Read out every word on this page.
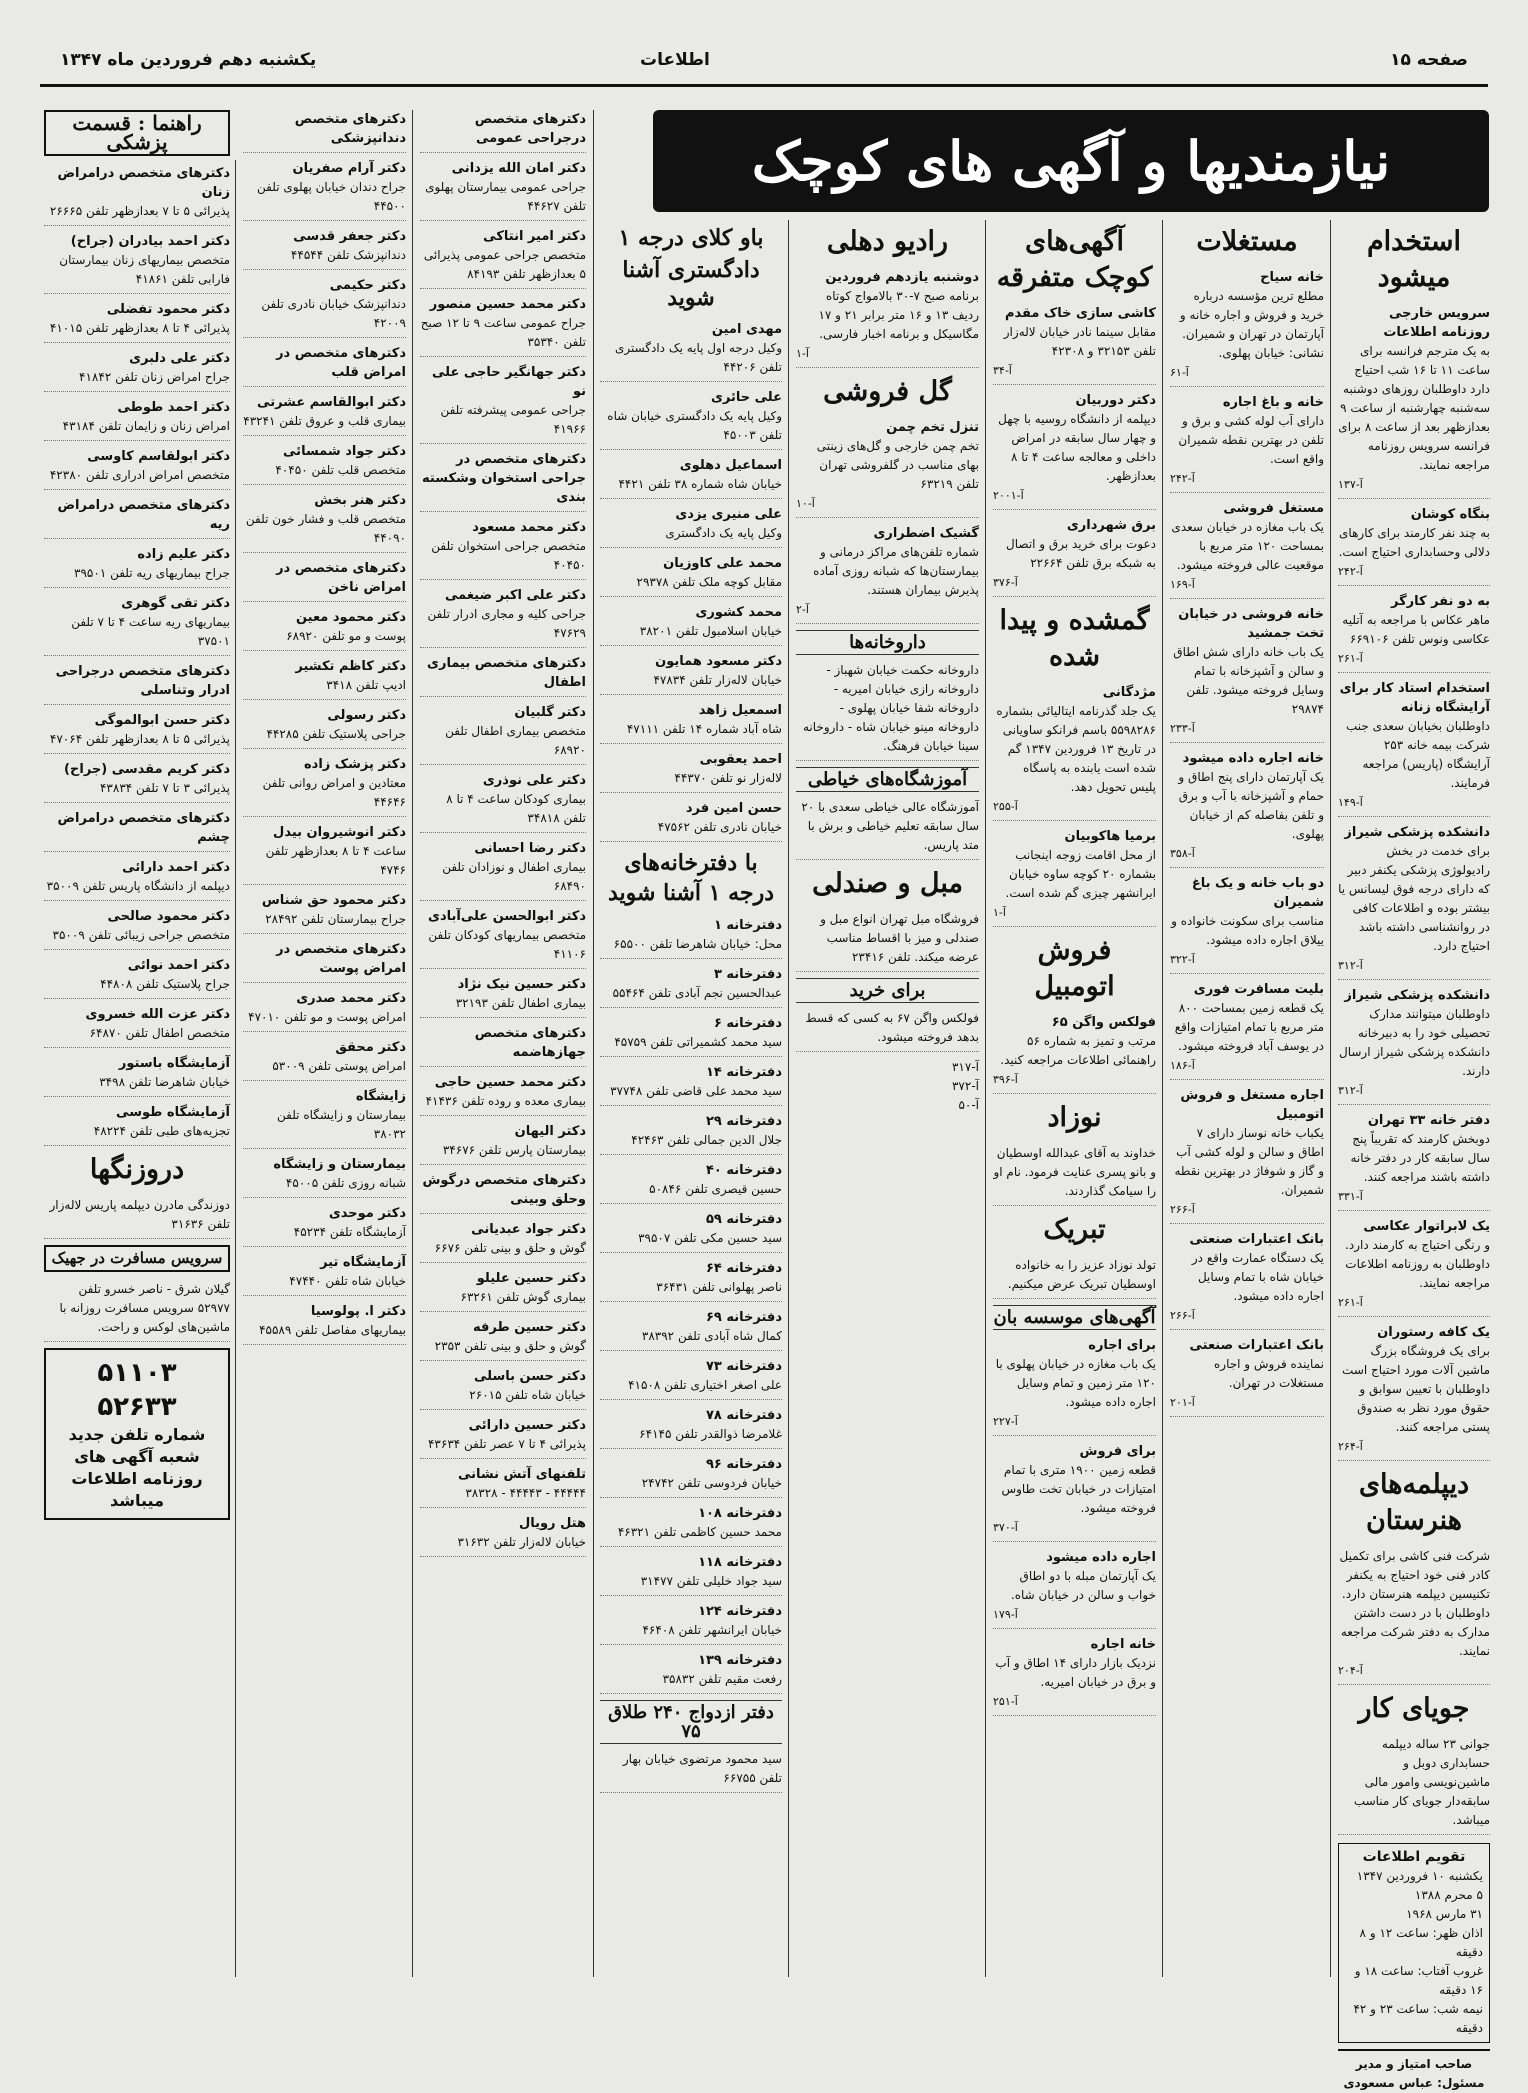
صفحه ۱۵
اطلاعات
یکشنبه دهم فروردین ماه ۱۳۴۷
نیازمندیها و آگهی های کوچک
استخدام میشود
سرویس خارجی روزنامه اطلاعات
به یک مترجم فرانسه برای ساعت ۱۱ تا ۱۶ شب احتیاج دارد داوطلبان روزهای دوشنبه سه‌شنبه چهارشنبه از ساعت ۹ بعدازظهر بعد از ساعت ۸ برای فرانسه سرویس روزنامه مراجعه نمایند.
آ-۱۳۷
بنگاه کوشان
به چند نفر کارمند برای کارهای دلالی وحسابداری احتیاج است.
آ-۲۴۲
به دو نفر کارگر
ماهر عکاس با مراجعه به آتلیه عکاسی ونوس تلفن ۶۶۹۱۰۶
آ-۲۶۱
استخدام استاد کار برای آرایشگاه زنانه
داوطلبان بخیابان سعدی جنب شرکت بیمه خانه ۲۵۳ آرایشگاه (پاریس) مراجعه فرمایند.
آ-۱۴۹
دانشکده پزشکی شیراز
برای خدمت در بخش رادیولوژی پزشکی یکنفر دبیر که دارای درجه فوق لیسانس یا بیشتر بوده و اطلاعات کافی در روانشناسی داشته باشد احتیاج دارد.
آ-۳۱۲
دانشکده پزشکی شیراز
داوطلبان میتوانند مدارک تحصیلی خود را به دبیرخانه دانشکده پزشکی شیراز ارسال دارند.
آ-۳۱۲
دفتر خانه ۳۳ تهران
دوبخش کارمند که تقریباً پنج سال سابقه کار در دفتر خانه داشته باشند مراجعه کنند.
آ-۳۳۱
یک لابراتوار عکاسی
و رنگی احتیاج به کارمند دارد. داوطلبان به روزنامه اطلاعات مراجعه نمایند.
آ-۲۶۱
یک کافه رستوران
برای یک فروشگاه بزرگ ماشین آلات مورد احتیاج است داوطلبان با تعیین سوابق و حقوق مورد نظر به صندوق پستی مراجعه کنند.
آ-۲۶۴
دیپلمه‌های هنرستان
شرکت فنی کاشی برای تکمیل کادر فنی خود احتیاج به یکنفر تکنیسین دیپلمه هنرستان دارد. داوطلبان با در دست داشتن مدارک به دفتر شرکت مراجعه نمایند.
آ-۲۰۴
جویای کار
جوانی ۲۳ ساله دیپلمه حسابداری دوبل و ماشین‌نویسی وامور مالی سابقه‌دار جویای کار مناسب میباشد.
تقویم اطلاعات
یکشنبه ۱۰ فروردین ۱۳۴۷
۵ محرم ۱۳۸۸
۳۱ مارس ۱۹۶۸
اذان ظهر: ساعت ۱۲ و ۸ دقیقه
غروب آفتاب: ساعت ۱۸ و ۱۶ دقیقه
نیمه شب: ساعت ۲۳ و ۴۲ دقیقه
صاحب امتیاز و مدیر مسئول: عباس مسعودی
مستغلات
خانه سیاح
مطلع ترین مؤسسه درباره خرید و فروش و اجاره خانه و آپارتمان در تهران و شمیران. نشانی: خیابان پهلوی.
آ-۶۱
خانه و باغ اجاره
دارای آب لوله کشی و برق و تلفن در بهترین نقطه شمیران واقع است.
آ-۲۴۲
مستغل فروشی
یک باب مغازه در خیابان سعدی بمساحت ۱۲۰ متر مربع با موقعیت عالی فروخته میشود.
آ-۱۶۹
خانه فروشی در خیابان تخت جمشید
یک باب خانه دارای شش اطاق و سالن و آشپزخانه با تمام وسایل فروخته میشود. تلفن ۲۹۸۷۴
آ-۲۳۳
خانه اجاره داده میشود
یک آپارتمان دارای پنج اطاق و حمام و آشپزخانه با آب و برق و تلفن بفاصله کم از خیابان پهلوی.
آ-۳۵۸
دو باب خانه و یک باغ شمیران
مناسب برای سکونت خانواده و ییلاق اجاره داده میشود.
آ-۳۲۲
بلیت مسافرت فوری
یک قطعه زمین بمساحت ۸۰۰ متر مربع با تمام امتیازات واقع در یوسف آباد فروخته میشود.
آ-۱۸۶
اجاره مستغل و فروش اتومبیل
یکباب خانه نوساز دارای ۷ اطاق و سالن و لوله کشی آب و گاز و شوفاژ در بهترین نقطه شمیران.
آ-۲۶۶
بانک اعتبارات صنعتی
یک دستگاه عمارت واقع در خیابان شاه با تمام وسایل اجاره داده میشود.
آ-۲۶۶
بانک اعتبارات صنعتی
نماینده فروش و اجاره مستغلات در تهران.
آ-۲۰۱
آگهی‌های کوچک متفرقه
کاشی سازی خاک مقدم
مقابل سینما نادر خیابان لاله‌زار تلفن ۳۲۱۵۳ و ۴۲۳۰۸
آ-۳۴
دکتر دوربیان
دیپلمه از دانشگاه روسیه با چهل و چهار سال سابقه در امراض داخلی و معالجه ساعت ۴ تا ۸ بعدازظهر.
آ-۲۰۰۱
برق شهرداری
دعوت برای خرید برق و اتصال به شبکه برق تلفن ۲۲۶۶۴
آ-۳۷۶
گمشده و پیدا شده
مژدگانی
یک جلد گذرنامه ایتالیائی بشماره ۵۵۹۸۲۸۶ باسم فرانکو ساویانی در تاریخ ۱۳ فروردین ۱۳۴۷ گم شده است یابنده به پاسگاه پلیس تحویل دهد.
آ-۲۵۵
برمیا هاکوبیان
از محل اقامت زوجه اینجانب بشماره ۲۰ کوچه ساوه خیابان ایرانشهر چیزی گم شده است.
آ-۱
فروش اتومبیل
فولکس واگن ۶۵
مرتب و تمیز به شماره ۵۶ راهنمائی اطلاعات مراجعه کنید.
آ-۳۹۶
نوزاد
خداوند به آقای عبدالله اوسطیان و بانو پسری عنایت فرمود. نام او را سیامک گذاردند.
تبریک
تولد نوزاد عزیز را به خانواده اوسطیان تبریک عرض میکنیم.
آگهی‌های موسسه بان
برای اجاره
یک باب مغازه در خیابان پهلوی با ۱۲۰ متر زمین و تمام وسایل اجاره داده میشود.
آ-۲۲۷
برای فروش
قطعه زمین ۱۹۰۰ متری با تمام امتیازات در خیابان تخت طاوس فروخته میشود.
آ-۳۷۰
اجاره داده میشود
یک آپارتمان مبله با دو اطاق خواب و سالن در خیابان شاه.
آ-۱۷۹
خانه اجاره
نزدیک بازار دارای ۱۴ اطاق و آب و برق در خیابان امیریه.
آ-۲۵۱
رادیو دهلی
دوشنبه یازدهم فروردین
برنامه صبح ۷-۳۰ بالامواج کوتاه ردیف ۱۳ و ۱۶ متر برابر ۲۱ و ۱۷ مگاسیکل و برنامه اخبار فارسی.
آ-۱
گل فروشی
تنزل تخم چمن
تخم چمن خارجی و گل‌های زینتی بهای مناسب در گلفروشی تهران تلفن ۶۳۲۱۹
آ-۱۰
گشیک اضطراری
شماره تلفن‌های مراکز درمانی و بیمارستان‌ها که شبانه روزی آماده پذیرش بیماران هستند.
آ-۲
داروخانه‌ها
داروخانه حکمت خیابان شهباز - داروخانه رازی خیابان امیریه - داروخانه شفا خیابان پهلوی - داروخانه مینو خیابان شاه - داروخانه سینا خیابان فرهنگ.
آموزشگاه‌های خیاطی
آموزشگاه عالی خیاطی سعدی با ۲۰ سال سابقه تعلیم خیاطی و برش با متد پاریس.
مبل و صندلی
فروشگاه مبل تهران انواع مبل و صندلی و میز با اقساط مناسب عرضه میکند. تلفن ۲۳۴۱۶
برای خرید
فولکس واگن ۶۷ به کسی که قسط بدهد فروخته میشود.
آ-۳۱۷
آ-۳۷۲
آ-۵۰
باو کلای درجه ۱
دادگستری آشنا شوید
مهدی امین
وکیل درجه اول پایه یک دادگستری تلفن ۴۴۲۰۶
علی حائری
وکیل پایه یک دادگستری خیابان شاه تلفن ۴۵۰۰۳
اسماعیل دهلوی
خیابان شاه شماره ۳۸ تلفن ۴۴۲۱
علی منیری یزدی
وکیل پایه یک دادگستری
محمد علی کاوزیان
مقابل کوچه ملک تلفن ۲۹۳۷۸
محمد کشوری
خیابان اسلامبول تلفن ۳۸۲۰۱
دکتر مسعود همایون
خیابان لاله‌زار تلفن ۴۷۸۳۴
اسمعیل زاهد
شاه آباد شماره ۱۴ تلفن ۴۷۱۱۱
احمد یعقوبی
لاله‌زار نو تلفن ۴۴۳۷۰
حسن امین فرد
خیابان نادری تلفن ۴۷۵۶۲
با دفترخانه‌های درجه ۱ آشنا شوید
دفترخانه ۱
محل: خیابان شاهرضا تلفن ۶۵۵۰۰
دفترخانه ۳
عبدالحسین نجم آبادی تلفن ۵۵۴۶۴
دفترخانه ۶
سید محمد کشمیراتی تلفن ۴۵۷۵۹
دفترخانه ۱۴
سید محمد علی قاضی تلفن ۳۷۷۴۸
دفترخانه ۲۹
جلال الدین جمالی تلفن ۴۲۴۶۳
دفترخانه ۴۰
حسین قیصری تلفن ۵۰۸۴۶
دفترخانه ۵۹
سید حسین مکی تلفن ۳۹۵۰۷
دفترخانه ۶۴
ناصر پهلوانی تلفن ۳۶۴۳۱
دفترخانه ۶۹
کمال شاه آبادی تلفن ۳۸۳۹۲
دفترخانه ۷۳
علی اصغر اختیاری تلفن ۴۱۵۰۸
دفترخانه ۷۸
غلامرضا ذوالقدر تلفن ۶۴۱۴۵
دفترخانه ۹۶
خیابان فردوسی تلفن ۲۴۷۴۲
دفترخانه ۱۰۸
محمد حسین کاظمی تلفن ۴۶۳۲۱
دفترخانه ۱۱۸
سید جواد خلیلی تلفن ۳۱۴۷۷
دفترخانه ۱۲۴
خیابان ایرانشهر تلفن ۴۶۴۰۸
دفترخانه ۱۳۹
رفعت مقیم تلفن ۳۵۸۳۲
دفتر ازدواج ۲۴۰ طلاق ۷۵
سید محمود مرتضوی خیابان بهار تلفن ۶۶۷۵۵
دکترهای متخصص درجراحی عمومی
دکتر امان الله یزدانی
جراحی عمومی بیمارستان پهلوی تلفن ۴۴۶۲۷
دکتر امیر انتاکی
متخصص جراحی عمومی پذیرائی ۵ بعدازظهر تلفن ۸۴۱۹۳
دکتر محمد حسین منصور
جراح عمومی ساعت ۹ تا ۱۲ صبح تلفن ۳۵۳۴۰
دکتر جهانگیر حاجی علی نو
جراحی عمومی پیشرفته تلفن ۴۱۹۶۶
دکترهای متخصص در جراحی استخوان وشکسته بندی
دکتر محمد مسعود
متخصص جراحی استخوان تلفن ۴۰۴۵۰
دکتر علی اکبر ضیغمی
جراحی کلیه و مجاری ادرار تلفن ۴۷۶۲۹
دکترهای متخصص بیماری اطفال
دکتر گلبیان
متخصص بیماری اطفال تلفن ۶۸۹۲۰
دکتر علی نوذری
بیماری کودکان ساعت ۴ تا ۸ تلفن ۳۴۸۱۸
دکتر رضا احسانی
بیماری اطفال و نوزادان تلفن ۶۸۴۹۰
دکتر ابوالحسن علی‌آبادی
متخصص بیماریهای کودکان تلفن ۴۱۱۰۶
دکتر حسین نیک نژاد
بیماری اطفال تلفن ۳۲۱۹۳
دکترهای متخصص جهازهاضمه
دکتر محمد حسین حاجی
بیماری معده و روده تلفن ۴۱۴۳۶
دکتر الیهان
بیمارستان پارس تلفن ۳۴۶۷۶
دکترهای متخصص درگوش وحلق وبینی
دکتر جواد عبدیانی
گوش و حلق و بینی تلفن ۶۶۷۶
دکتر حسین علیلو
بیماری گوش تلفن ۶۳۲۶۱
دکتر حسین طرفه
گوش و حلق و بینی تلفن ۲۳۵۳
دکتر حسن باسلی
خیابان شاه تلفن ۲۶۰۱۵
دکتر حسین دارائی
پذیرائی ۴ تا ۷ عصر تلفن ۴۳۶۳۴
تلفنهای آتش نشانی
۴۴۴۴۴ - ۴۴۴۴۳ - ۳۸۳۲۸
هتل رویال
خیابان لاله‌زار تلفن ۳۱۶۳۲
دکترهای متخصص دندانپزشکی
دکتر آرام صفریان
جراح دندان خیابان پهلوی تلفن ۴۴۵۰۰
دکتر جعفر قدسی
دندانپزشک تلفن ۴۴۵۴۴
دکتر حکیمی
دندانپزشک خیابان نادری تلفن ۴۲۰۰۹
دکترهای متخصص در امراض قلب
دکتر ابوالقاسم عشرتی
بیماری قلب و عروق تلفن ۴۳۲۴۱
دکتر جواد شمسائی
متخصص قلب تلفن ۴۰۴۵۰
دکتر هنر بخش
متخصص قلب و فشار خون تلفن ۴۴۰۹۰
دکترهای متخصص در امراض ناخن
دکتر محمود معین
پوست و مو تلفن ۶۸۹۲۰
دکتر کاظم تکشیر
ادیپ تلفن ۳۴۱۸
دکتر رسولی
جراحی پلاستیک تلفن ۴۴۲۸۵
دکتر پزشک زاده
معتادین و امراض روانی تلفن ۴۴۶۴۶
دکتر انوشیروان بیدل
ساعت ۴ تا ۸ بعدازظهر تلفن ۴۷۴۶
دکتر محمود حق شناس
جراح بیمارستان تلفن ۲۸۴۹۲
دکترهای متخصص در امراض پوست
دکتر محمد صدری
امراض پوست و مو تلفن ۴۷۰۱۰
دکتر محقق
امراض پوستی تلفن ۵۳۰۰۹
زایشگاه
بیمارستان و زایشگاه تلفن ۳۸۰۳۲
بیمارستان و زایشگاه
شبانه روزی تلفن ۴۵۰۰۵
دکتر موحدی
آزمایشگاه تلفن ۴۵۲۳۴
آزمایشگاه تیر
خیابان شاه تلفن ۴۷۴۴۰
دکتر ا. پولوسیا
بیماریهای مفاصل تلفن ۴۵۵۸۹
راهنما : قسمت پزشکی
دکترهای متخصص درامراض زنان
پذیرائی ۵ تا ۷ بعدازظهر تلفن ۲۶۶۶۵
دکتر احمد بیادران (جراح)
متخصص بیماریهای زنان بیمارستان فارابی تلفن ۴۱۸۶۱
دکتر محمود تفضلی
پذیرائی ۴ تا ۸ بعدازظهر تلفن ۴۱۰۱۵
دکتر علی دلبری
جراح امراض زنان تلفن ۴۱۸۴۲
دکتر احمد طوطی
امراض زنان و زایمان تلفن ۴۳۱۸۴
دکتر ابولقاسم کاوسی
متخصص امراض ادراری تلفن ۴۲۳۸۰
دکترهای متخصص درامراض ریه
دکتر علیم زاده
جراح بیماریهای ریه تلفن ۳۹۵۰۱
دکتر تقی گوهری
بیماریهای ریه ساعت ۴ تا ۷ تلفن ۳۷۵۰۱
دکترهای متخصص درجراحی ادرار وتناسلی
دکتر حسن ابوالموگی
پذیرائی ۵ تا ۸ بعدازظهر تلفن ۴۷۰۶۴
دکتر کریم مقدسی (جراح)
پذیرائی ۳ تا ۷ تلفن ۴۳۸۳۴
دکترهای متخصص درامراض چشم
دکتر احمد دارائی
دیپلمه از دانشگاه پاریس تلفن ۳۵۰۰۹
دکتر محمود صالحی
متخصص جراحی زیبائی تلفن ۳۵۰۰۹
دکتر احمد نوائی
جراح پلاستیک تلفن ۴۴۸۰۸
دکتر عزت الله خسروی
متخصص اطفال تلفن ۶۴۸۷۰
آزمایشگاه باستور
خیابان شاهرضا تلفن ۳۴۹۸
آزمایشگاه طوسی
تجزیه‌های طبی تلفن ۴۸۲۲۴
دروزنگها
دوزندگی مادرن دیپلمه پاریس لاله‌زار تلفن ۳۱۶۳۶
سرویس مسافرت در جهیک
گیلان شرق - ناصر خسرو تلفن ۵۲۹۷۷ سرویس مسافرت روزانه با ماشین‌های لوکس و راحت.
۵۱۱۰۳
۵۲۶۳۳
شماره تلفن جدید شعبه آگهی های روزنامه اطلاعات میباشد
